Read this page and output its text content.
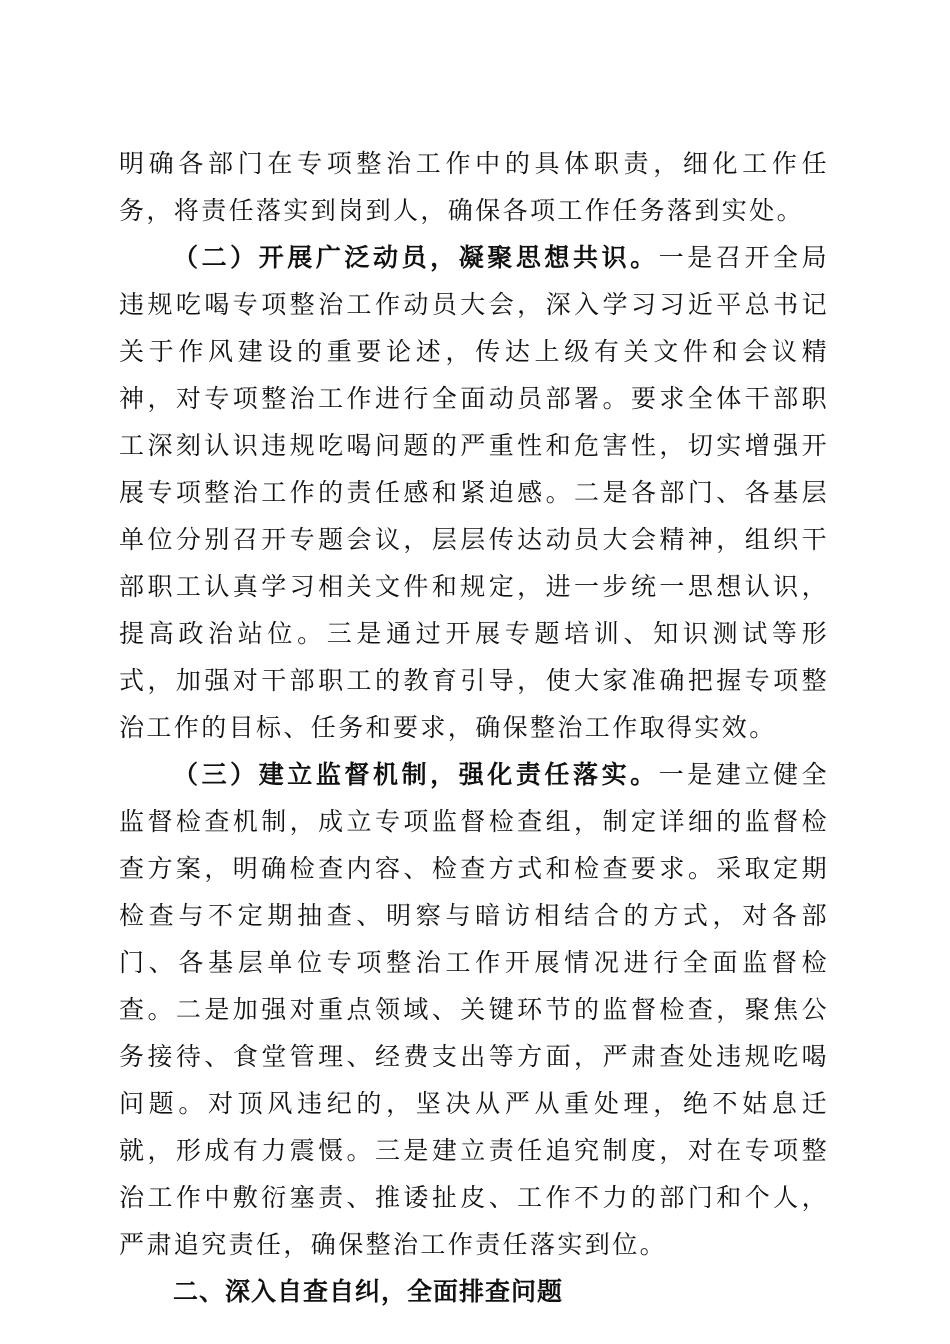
明确各部门在专项整治工作中的具体职责，细化工作任务，将责任落实到岗到人，确保各项工作任务落到实处。

（二）开展广泛动员，凝聚思想共识。一是召开全局违规吃喝专项整治工作动员大会，深入学习习近平总书记关于作风建设的重要论述，传达上级有关文件和会议精神，对专项整治工作进行全面动员部署。要求全体干部职工深刻认识违规吃喝问题的严重性和危害性，切实增强开展专项整治工作的责任感和紧迫感。二是各部门、各基层单位分别召开专题会议，层层传达动员大会精神，组织干部职工认真学习相关文件和规定，进一步统一思想认识，提高政治站位。三是通过开展专题培训、知识测试等形式，加强对干部职工的教育引导，使大家准确把握专项整治工作的目标、任务和要求，确保整治工作取得实效。

（三）建立监督机制，强化责任落实。一是建立健全监督检查机制，成立专项监督检查组，制定详细的监督检查方案，明确检查内容、检查方式和检查要求。采取定期检查与不定期抽查、明察与暗访相结合的方式，对各部门、各基层单位专项整治工作开展情况进行全面监督检查。二是加强对重点领域、关键环节的监督检查，聚焦公务接待、食堂管理、经费支出等方面，严肃查处违规吃喝问题。对顶风违纪的，坚决从严从重处理，绝不姑息迁就，形成有力震慑。三是建立责任追究制度，对在专项整治工作中敷衍塞责、推诿扯皮、工作不力的部门和个人，严肃追究责任，确保整治工作责任落实到位。

二、深入自查自纠，全面排查问题
